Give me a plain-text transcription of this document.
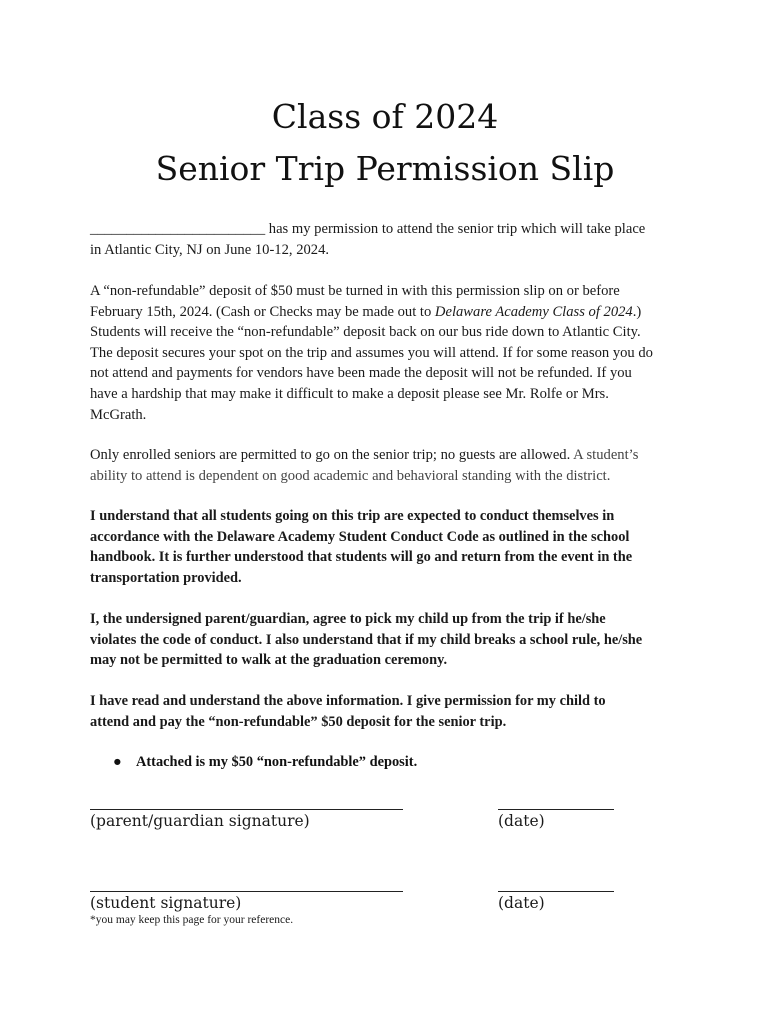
Class of 2024
Senior Trip Permission Slip

________________________ has my permission to attend the senior trip which will take place
in Atlantic City, NJ on June 10-12, 2024.

A “non-refundable” deposit of $50 must be turned in with this permission slip on or before
February 15th, 2024. (Cash or Checks may be made out to Delaware Academy Class of 2024.)
Students will receive the “non-refundable” deposit back on our bus ride down to Atlantic City.
The deposit secures your spot on the trip and assumes you will attend. If for some reason you do
not attend and payments for vendors have been made the deposit will not be refunded. If you
have a hardship that may make it difficult to make a deposit please see Mr. Rolfe or Mrs.
McGrath.

Only enrolled seniors are permitted to go on the senior trip; no guests are allowed. A student’s
ability to attend is dependent on good academic and behavioral standing with the district.

I understand that all students going on this trip are expected to conduct themselves in
accordance with the Delaware Academy Student Conduct Code as outlined in the school
handbook. It is further understood that students will go and return from the event in the
transportation provided.

I, the undersigned parent/guardian, agree to pick my child up from the trip if he/she
violates the code of conduct. I also understand that if my child breaks a school rule, he/she
may not be permitted to walk at the graduation ceremony.

I have read and understand the above information. I give permission for my child to
attend and pay the “non-refundable” $50 deposit for the senior trip.

● Attached is my $50 “non-refundable” deposit.
(parent/guardian signature)	(date)
(student signature)	(date)
*you may keep this page for your reference.
